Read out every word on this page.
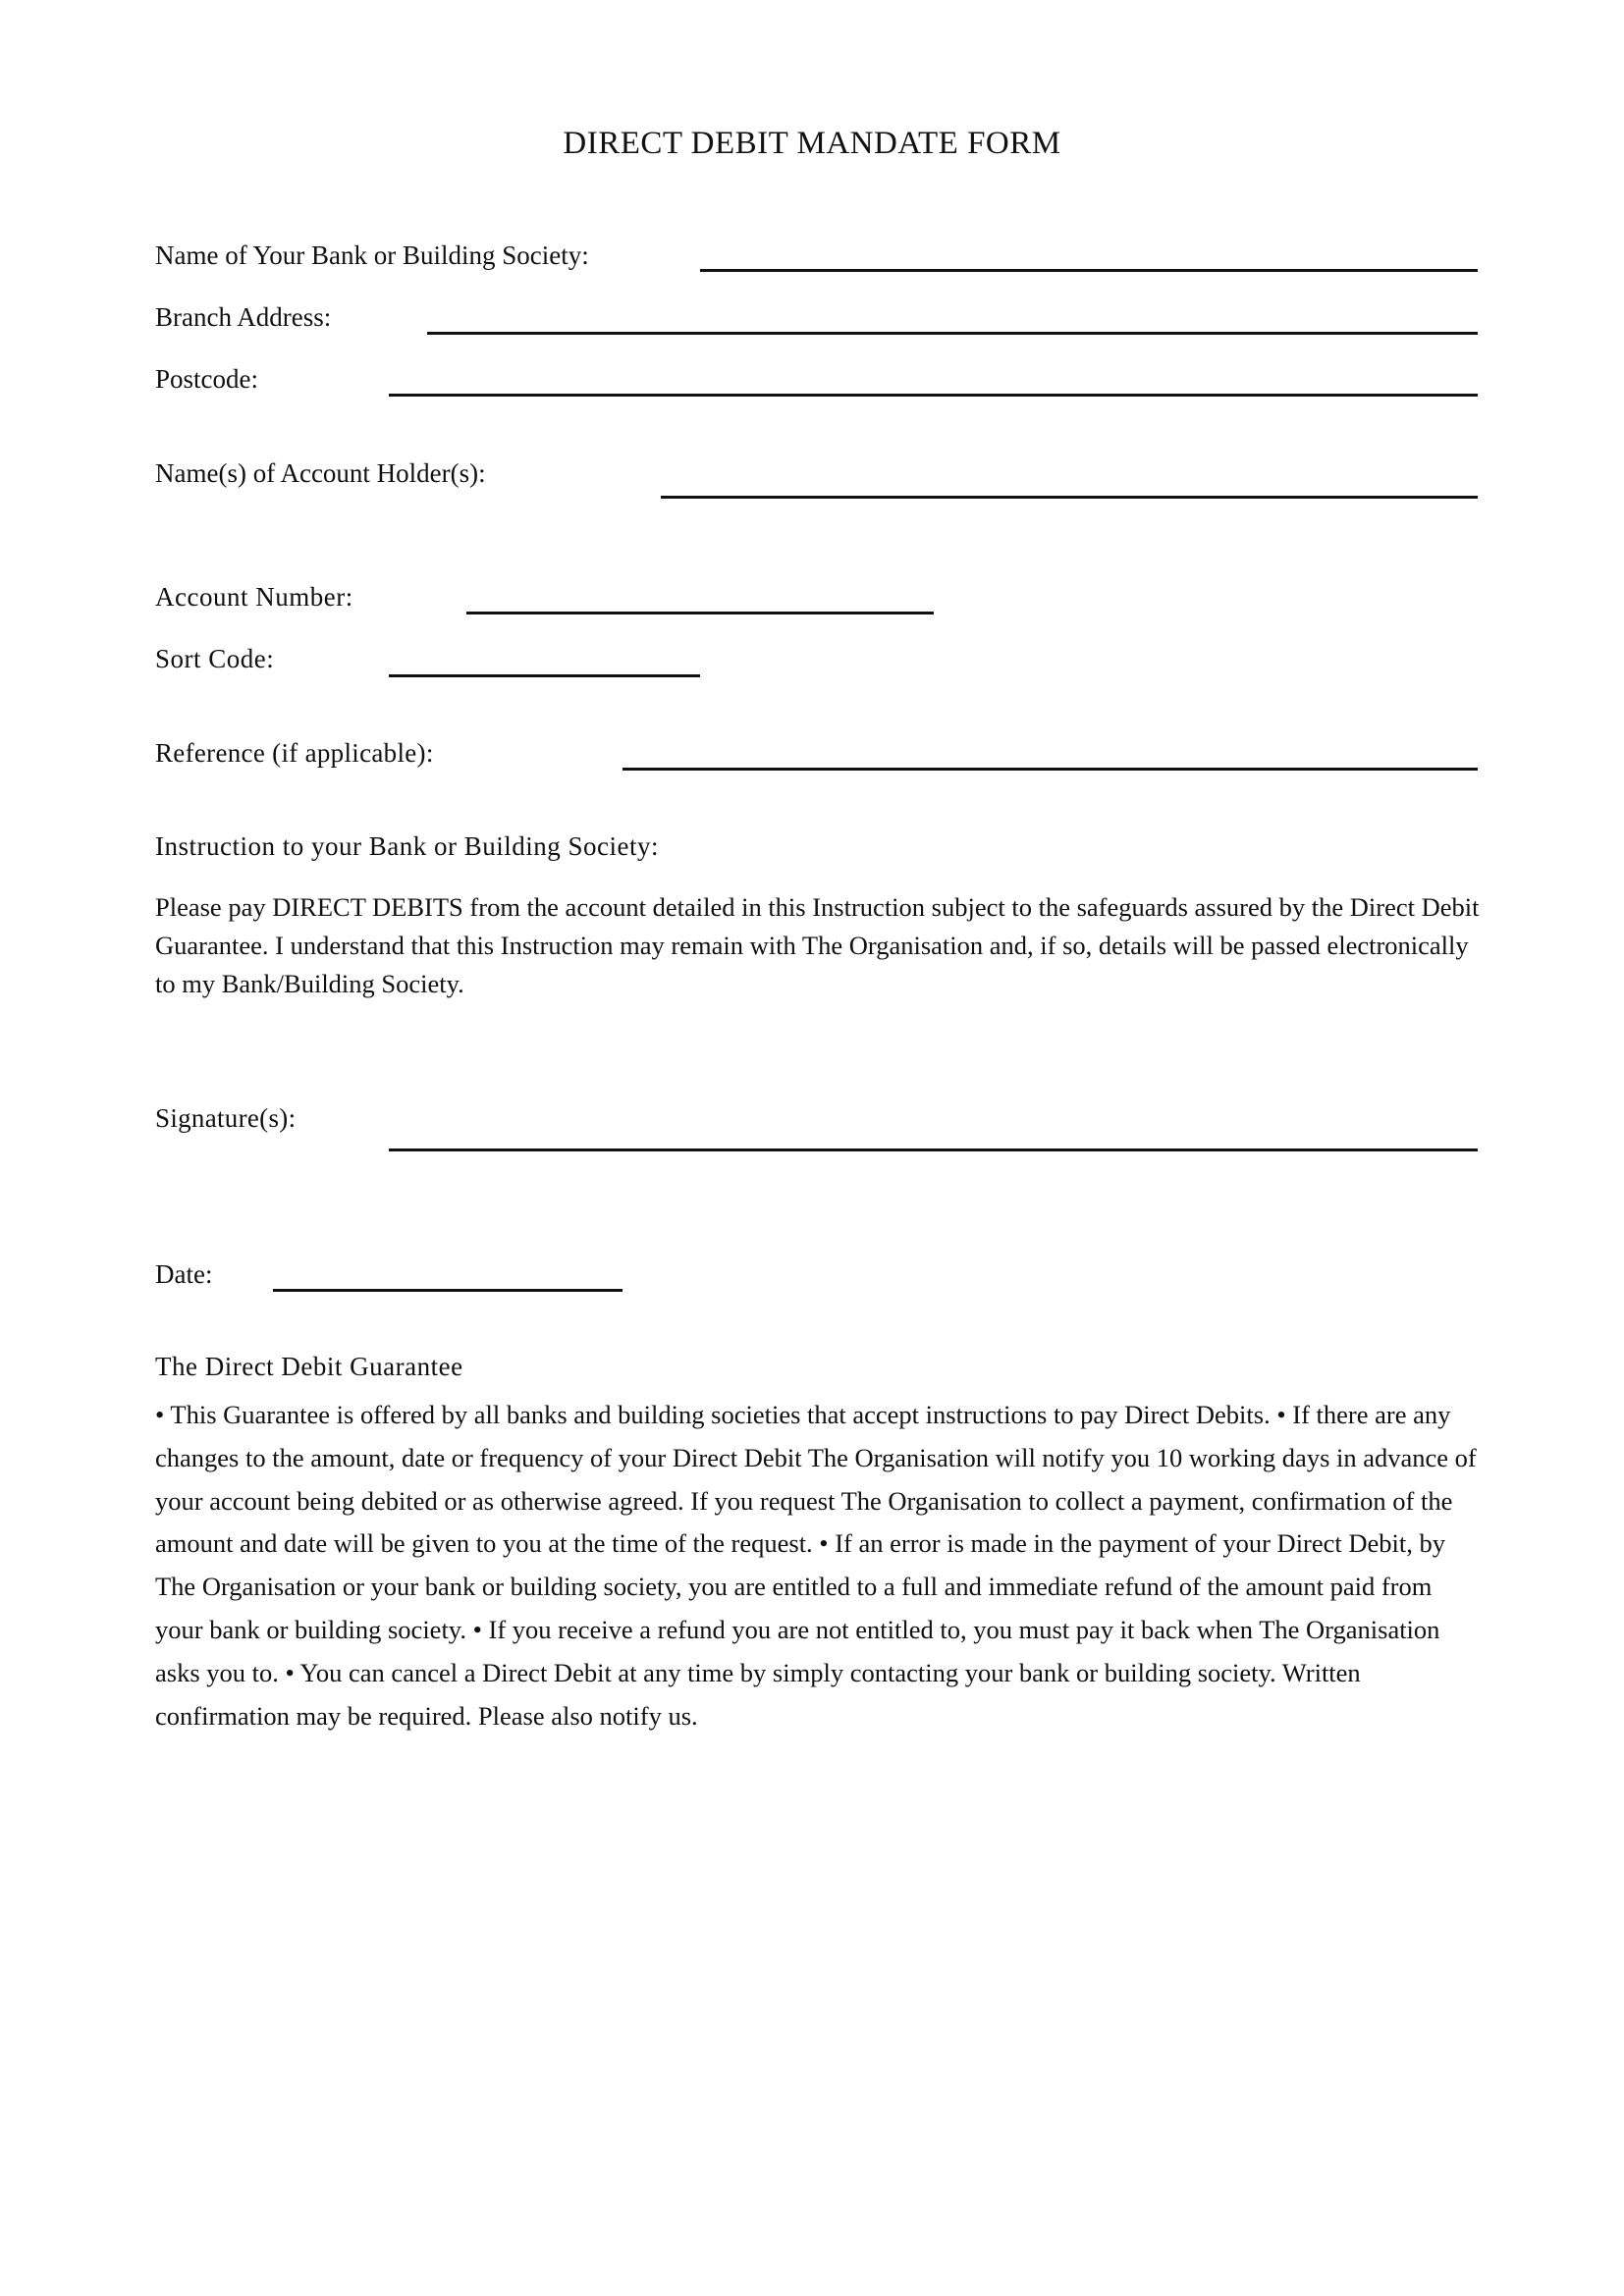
DIRECT DEBIT MANDATE FORM
Name of Your Bank or Building Society:
Branch Address:
Postcode:
Name(s) of Account Holder(s):
Account Number:
Sort Code:
Reference (if applicable):
Instruction to your Bank or Building Society:

Please pay DIRECT DEBITS from the account detailed in this Instruction subject to the safeguards assured by the Direct Debit Guarantee. I understand that this Instruction may remain with The Organisation and, if so, details will be passed electronically to my Bank/Building Society.

Signature(s):
Date:
The Direct Debit Guarantee

• This Guarantee is offered by all banks and building societies that accept instructions to pay Direct Debits. • If there are any changes to the amount, date or frequency of your Direct Debit The Organisation will notify you 10 working days in advance of your account being debited or as otherwise agreed. If you request The Organisation to collect a payment, confirmation of the amount and date will be given to you at the time of the request. • If an error is made in the payment of your Direct Debit, by The Organisation or your bank or building society, you are entitled to a full and immediate refund of the amount paid from your bank or building society. • If you receive a refund you are not entitled to, you must pay it back when The Organisation asks you to. • You can cancel a Direct Debit at any time by simply contacting your bank or building society. Written confirmation may be required. Please also notify us.
